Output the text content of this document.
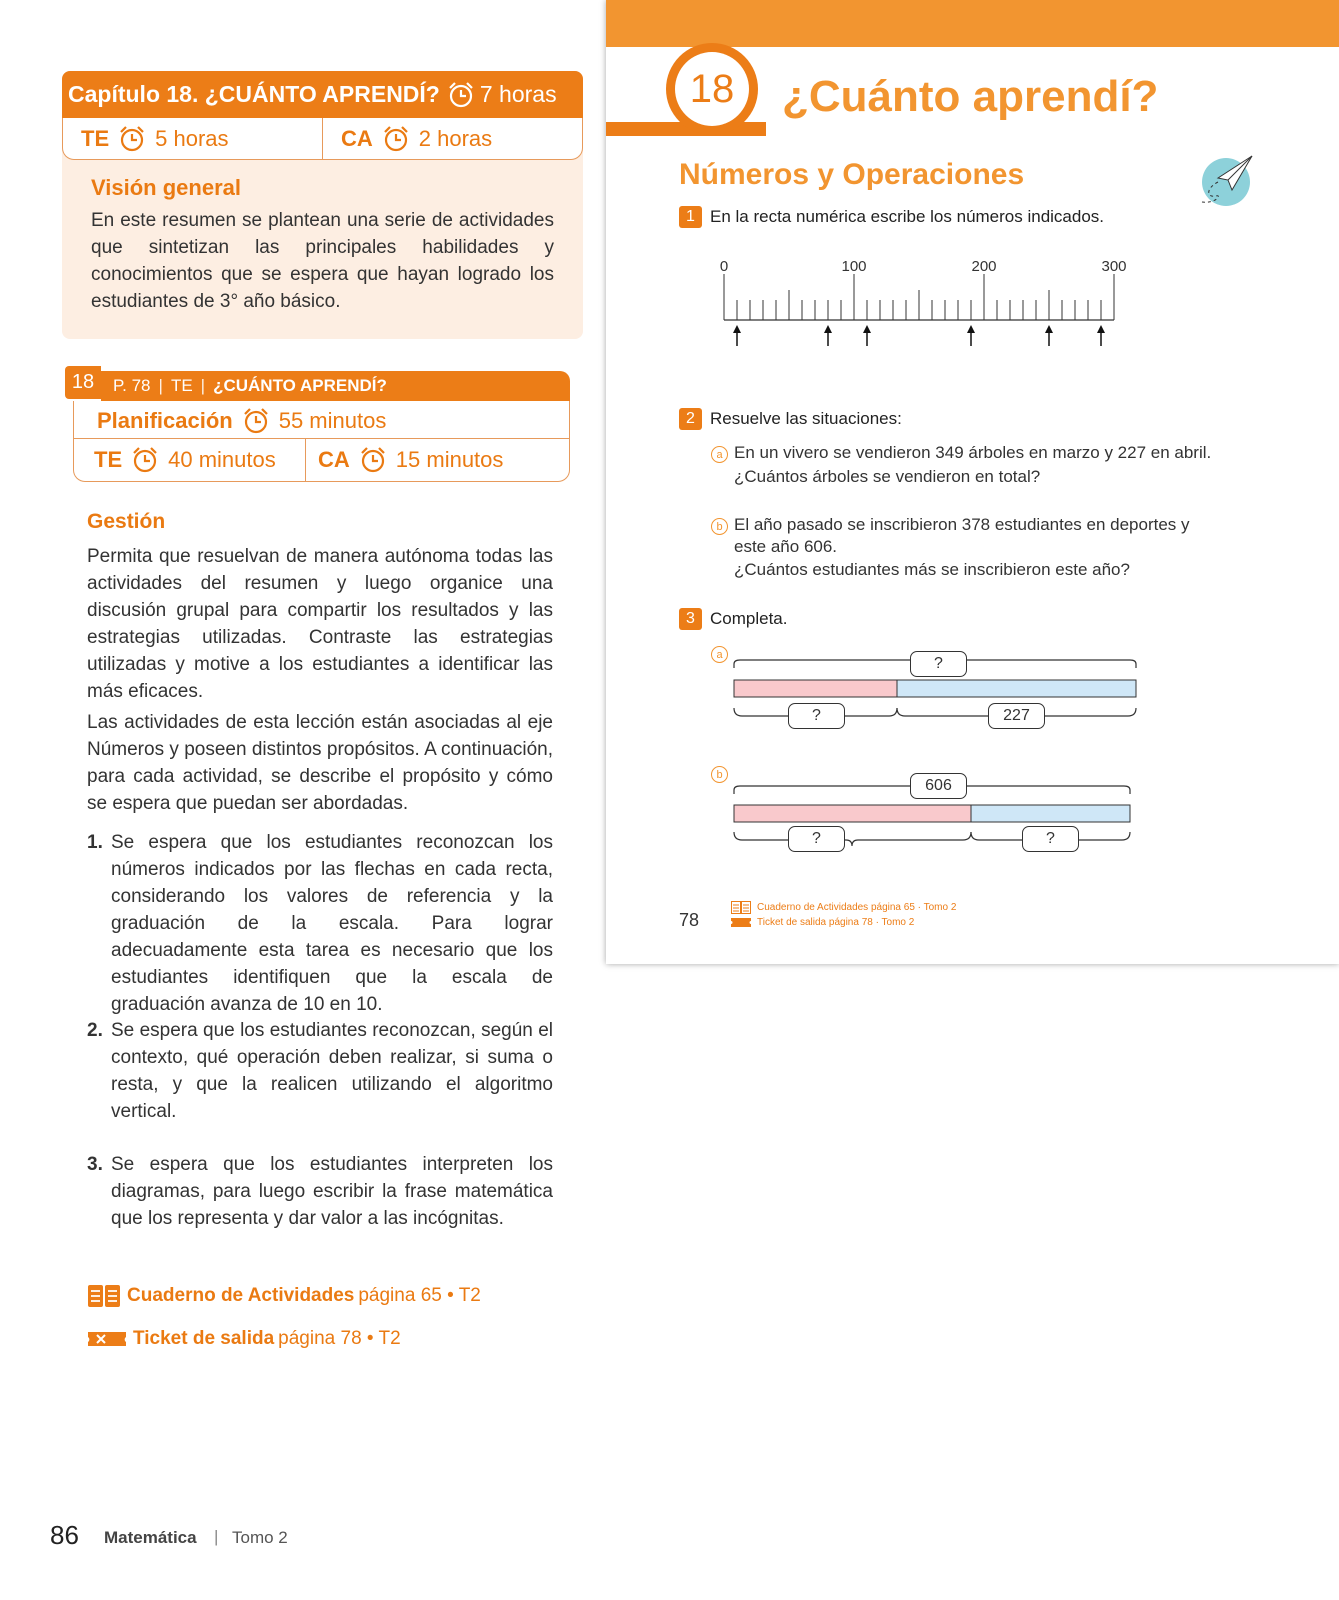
Capítulo 18. ¿CUÁNTO APRENDÍ? 7 horas
TE 5 horas	CA 2 horas
Visión general
En este resumen se plantean una serie de actividades que sintetizan las principales habilidades y conocimientos que se espera que hayan logrado los estudiantes de 3° año básico.
18	P. 78 | TE | ¿CUÁNTO APRENDÍ?
Planificación 55 minutos
TE 40 minutos CA 15 minutos
Gestión
Permita que resuelvan de manera autónoma todas las actividades del resumen y luego organice una discusión grupal para compartir los resultados y las estrategias utilizadas. Contraste las estrategias utilizadas y motive a los estudiantes a identificar las más eficaces.
Las actividades de esta lección están asociadas al eje Números y poseen distintos propósitos. A continuación, para cada actividad, se describe el propósito y cómo se espera que puedan ser abordadas.
1. Se espera que los estudiantes reconozcan los números indicados por las flechas en cada recta, considerando los valores de referencia y la graduación de la escala. Para lograr adecuadamente esta tarea es necesario que los estudiantes identifiquen que la escala de graduación avanza de 10 en 10.
2. Se espera que los estudiantes reconozcan, según el contexto, qué operación deben realizar, si suma o resta, y que la realicen utilizando el algoritmo vertical.
3. Se espera que los estudiantes interpreten los diagramas, para luego escribir la frase matemática que los representa y dar valor a las incógnitas.
Cuaderno de Actividades página 65 • T2
Ticket de salida página 78 • T2
86 Matemática | Tomo 2
18	¿Cuánto aprendí?
Números y Operaciones
1 En la recta numérica escribe los números indicados.
0	100	200	300
2 Resuelve las situaciones:
a En un vivero se vendieron 349 árboles en marzo y 227 en abril.
¿Cuántos árboles se vendieron en total?
b El año pasado se inscribieron 378 estudiantes en deportes y
este año 606.
¿Cuántos estudiantes más se inscribieron este año?
3 Completa.
a
?
?	227
b
606
?	?
78
Cuaderno de Actividades página 65 · Tomo 2
Ticket de salida página 78 · Tomo 2
